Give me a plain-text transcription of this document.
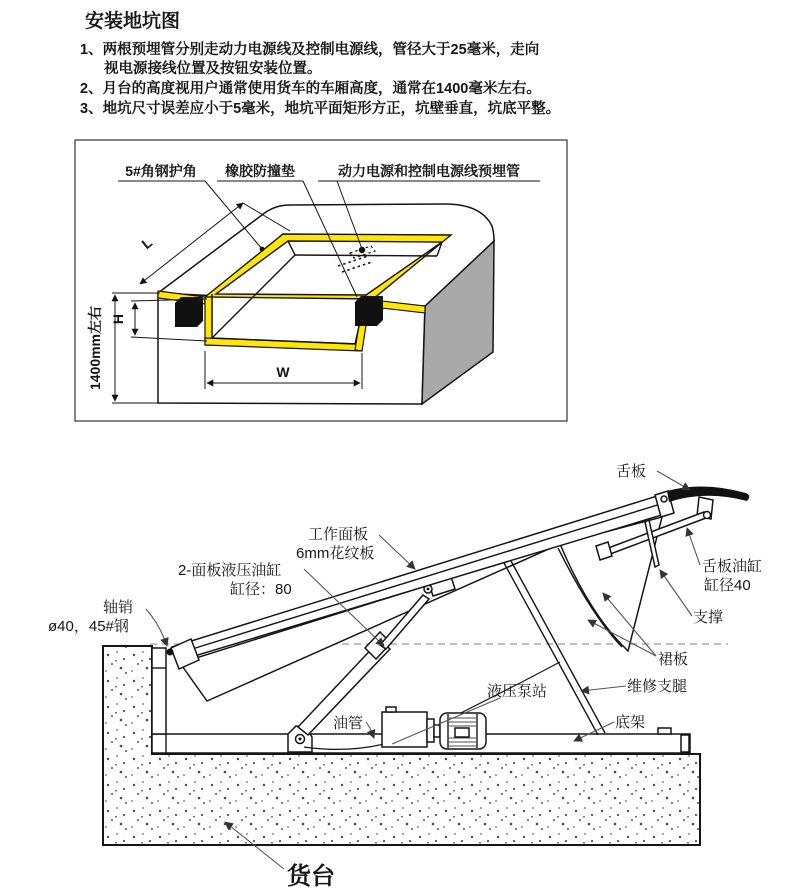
安装地坑图
1、两根预埋管分别走动力电源线及控制电源线，管径大于25毫米，走向
视电源接线位置及按钮安装位置。
2、月台的高度视用户通常使用货车的车厢高度，通常在1400毫米左右。
3、地坑尺寸误差应小于5毫米，地坑平面矩形方正，坑壁垂直，坑底平整。
5#角钢护角 橡胶防撞垫	动力电源和控制电源线预埋管
1400mm左右 H
W
L
舌板
工作面板
6mm花纹板
2-面板液压油缸
缸径：80
舌板油缸
缸径40
支撑
裙板
维修支腿
底架
液压泵站
油管
轴销
ø40，45#钢
货台
